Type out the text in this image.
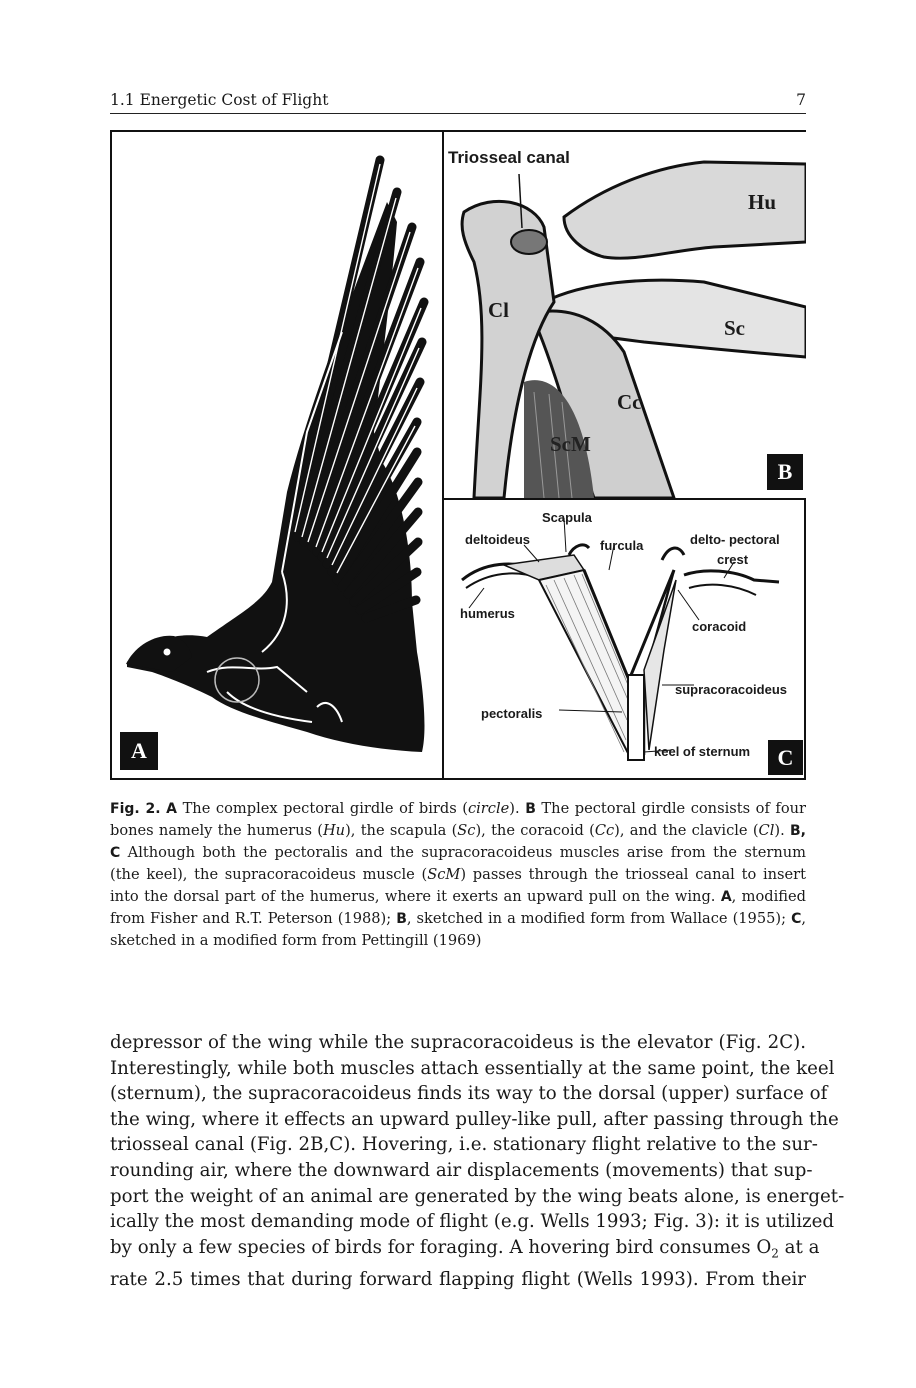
1.1 Energetic Cost of Flight	7
A
Triosseal canal
Hu
Cl
Sc
Cc
ScM
B
Scapula
deltoideus	furcula	delto- pectoral
crest
humerus
coracoid
supracoracoideus
pectoralis
keel of sternum	C
Fig. 2. A The complex pectoral girdle of birds (circle). B The pectoral girdle consists of four bones namely the humerus (Hu), the scapula (Sc), the coracoid (Cc), and the clavicle (Cl). B, C Although both the pectoralis and the supracoracoideus muscles arise from the sternum (the keel), the supracoracoideus muscle (ScM) passes through the triosseal canal to insert into the dorsal part of the humerus, where it exerts an upward pull on the wing. A, modified from Fisher and R.T. Peterson (1988); B, sketched in a modified form from Wallace (1955); C, sketched in a modified form from Pettingill (1969)
depressor of the wing while the supracoracoideus is the elevator (Fig. 2C).
Interestingly, while both muscles attach essentially at the same point, the keel
(sternum), the supracoracoideus finds its way to the dorsal (upper) surface of
the wing, where it effects an upward pulley-like pull, after passing through the
triosseal canal (Fig. 2B,C). Hovering, i.e. stationary flight relative to the sur-
rounding air, where the downward air displacements (movements) that sup-
port the weight of an animal are generated by the wing beats alone, is energet-
ically the most demanding mode of flight (e.g. Wells 1993; Fig. 3): it is utilized
by only a few species of birds for foraging. A hovering bird consumes $O_2$ at a
rate 2.5 times that during forward flapping flight (Wells 1993). From their
